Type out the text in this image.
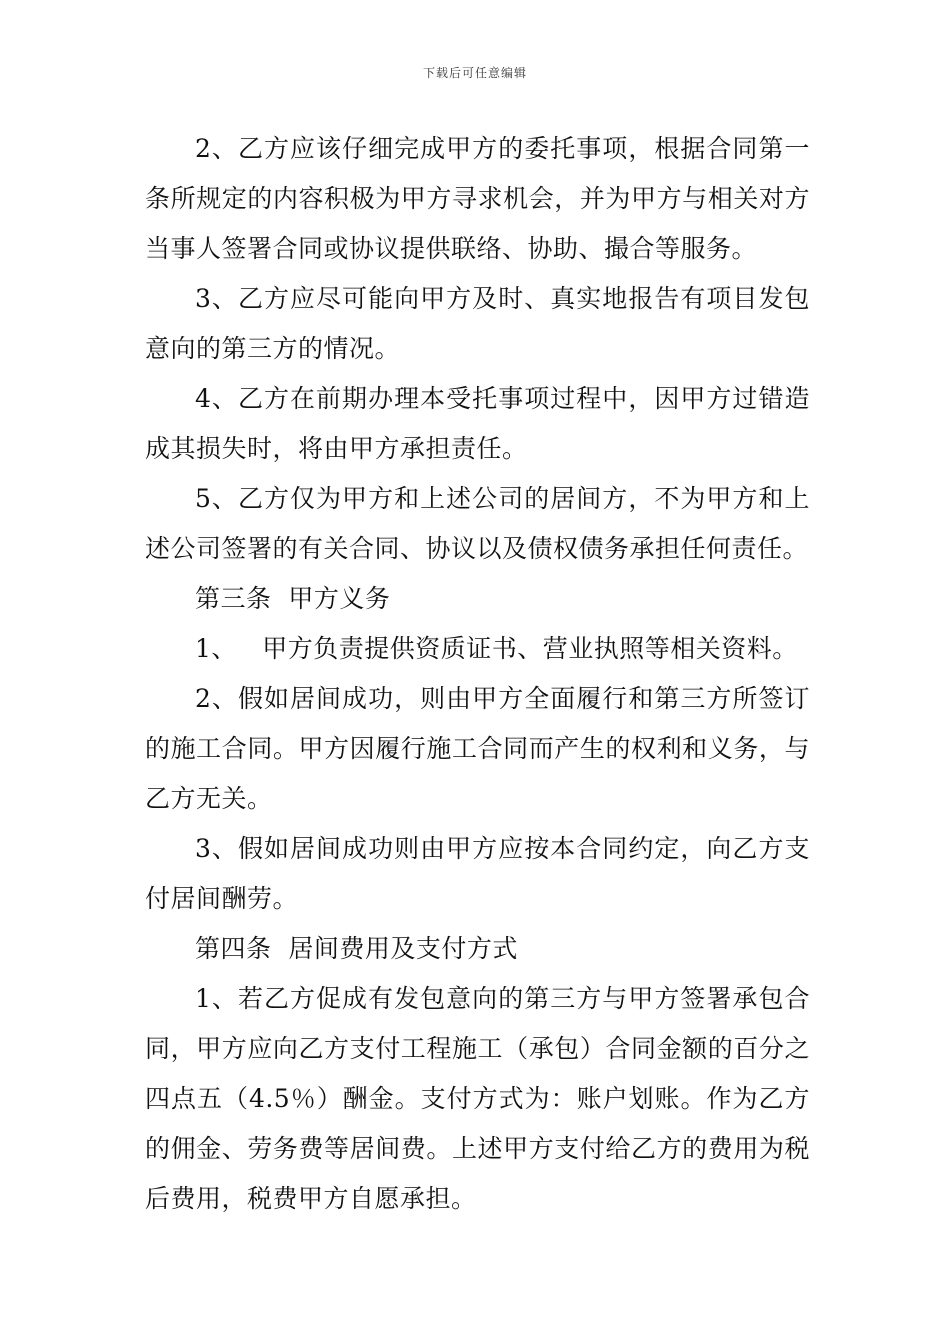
下载后可任意编辑

2、乙方应该仔细完成甲方的委托事项，根据合同第一条所规定的内容积极为甲方寻求机会，并为甲方与相关对方当事人签署合同或协议提供联络、协助、撮合等服务。

3、乙方应尽可能向甲方及时、真实地报告有项目发包意向的第三方的情况。

4、乙方在前期办理本受托事项过程中，因甲方过错造成其损失时，将由甲方承担责任。

5、乙方仅为甲方和上述公司的居间方，不为甲方和上述公司签署的有关合同、协议以及债权债务承担任何责任。

第三条  甲方义务

1、   甲方负责提供资质证书、营业执照等相关资料。

2、假如居间成功，则由甲方全面履行和第三方所签订的施工合同。甲方因履行施工合同而产生的权利和义务，与乙方无关。

3、假如居间成功则由甲方应按本合同约定，向乙方支付居间酬劳。

第四条  居间费用及支付方式

1、若乙方促成有发包意向的第三方与甲方签署承包合同，甲方应向乙方支付工程施工（承包）合同金额的百分之四点五（4.5％）酬金。支付方式为：账户划账。作为乙方的佣金、劳务费等居间费。上述甲方支付给乙方的费用为税后费用，税费甲方自愿承担。
